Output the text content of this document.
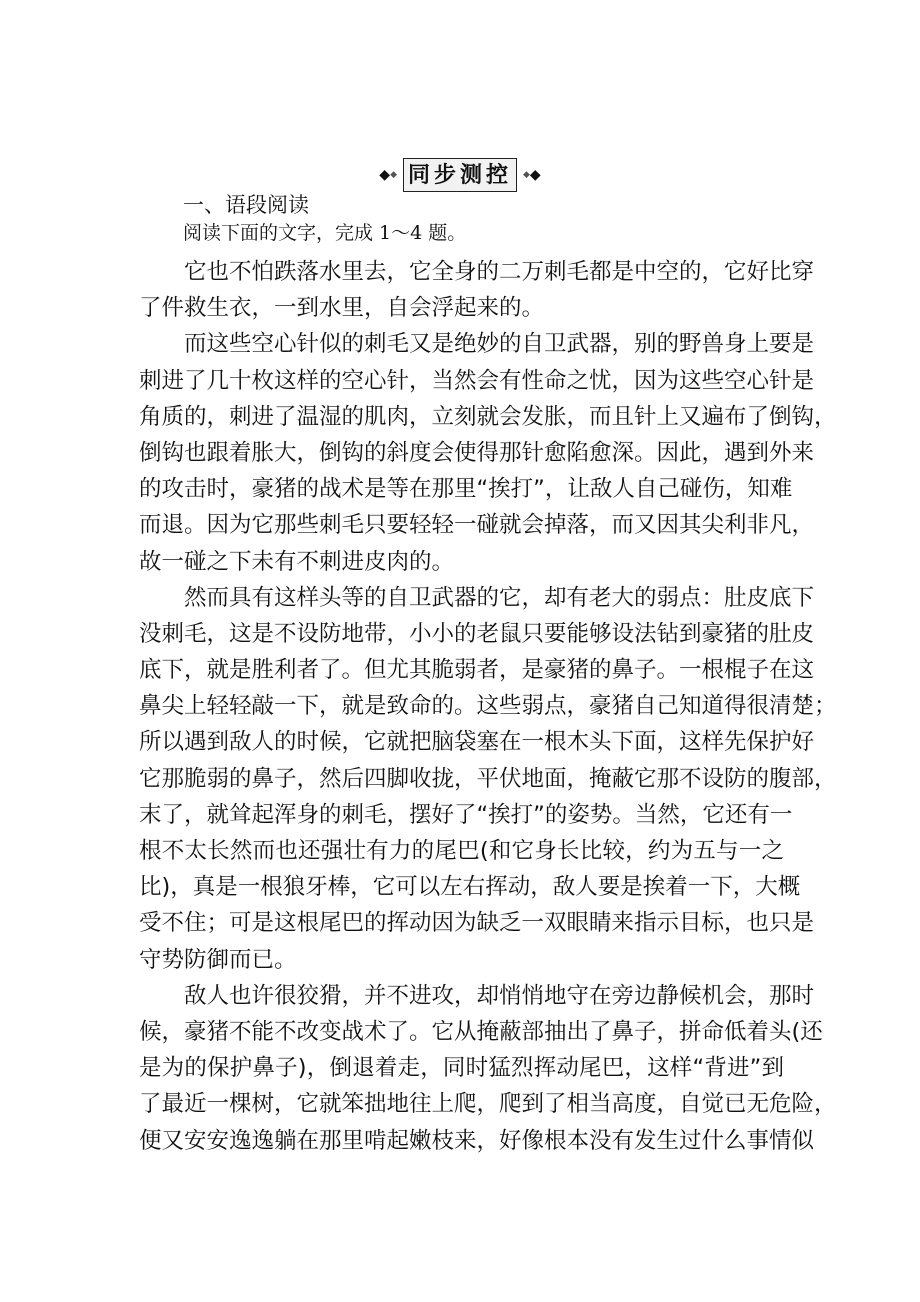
◆◆ 同步测控 ◆◆
一、语段阅读
阅读下面的文字，完成 1～4 题。
它也不怕跌落水里去，它全身的二万刺毛都是中空的，它好比穿
了件救生衣，一到水里，自会浮起来的。
而这些空心针似的刺毛又是绝妙的自卫武器，别的野兽身上要是
刺进了几十枚这样的空心针，当然会有性命之忧，因为这些空心针是
角质的，刺进了温湿的肌肉，立刻就会发胀，而且针上又遍布了倒钩，
倒钩也跟着胀大，倒钩的斜度会使得那针愈陷愈深。因此，遇到外来
的攻击时，豪猪的战术是等在那里“挨打”，让敌人自己碰伤，知难
而退。因为它那些刺毛只要轻轻一碰就会掉落，而又因其尖利非凡，
故一碰之下未有不刺进皮肉的。
然而具有这样头等的自卫武器的它，却有老大的弱点：肚皮底下
没刺毛，这是不设防地带，小小的老鼠只要能够设法钻到豪猪的肚皮
底下，就是胜利者了。但尤其脆弱者，是豪猪的鼻子。一根棍子在这
鼻尖上轻轻敲一下，就是致命的。这些弱点，豪猪自己知道得很清楚；
所以遇到敌人的时候，它就把脑袋塞在一根木头下面，这样先保护好
它那脆弱的鼻子，然后四脚收拢，平伏地面，掩蔽它那不设防的腹部，
末了，就耸起浑身的刺毛，摆好了“挨打”的姿势。当然，它还有一
根不太长然而也还强壮有力的尾巴(和它身长比较，约为五与一之
比)，真是一根狼牙棒，它可以左右挥动，敌人要是挨着一下，大概
受不住；可是这根尾巴的挥动因为缺乏一双眼睛来指示目标，也只是
守势防御而已。
敌人也许很狡猾，并不进攻，却悄悄地守在旁边静候机会，那时
候，豪猪不能不改变战术了。它从掩蔽部抽出了鼻子，拼命低着头(还
是为的保护鼻子)，倒退着走，同时猛烈挥动尾巴，这样“背进”到
了最近一棵树，它就笨拙地往上爬，爬到了相当高度，自觉已无危险，
便又安安逸逸躺在那里啃起嫩枝来，好像根本没有发生过什么事情似
